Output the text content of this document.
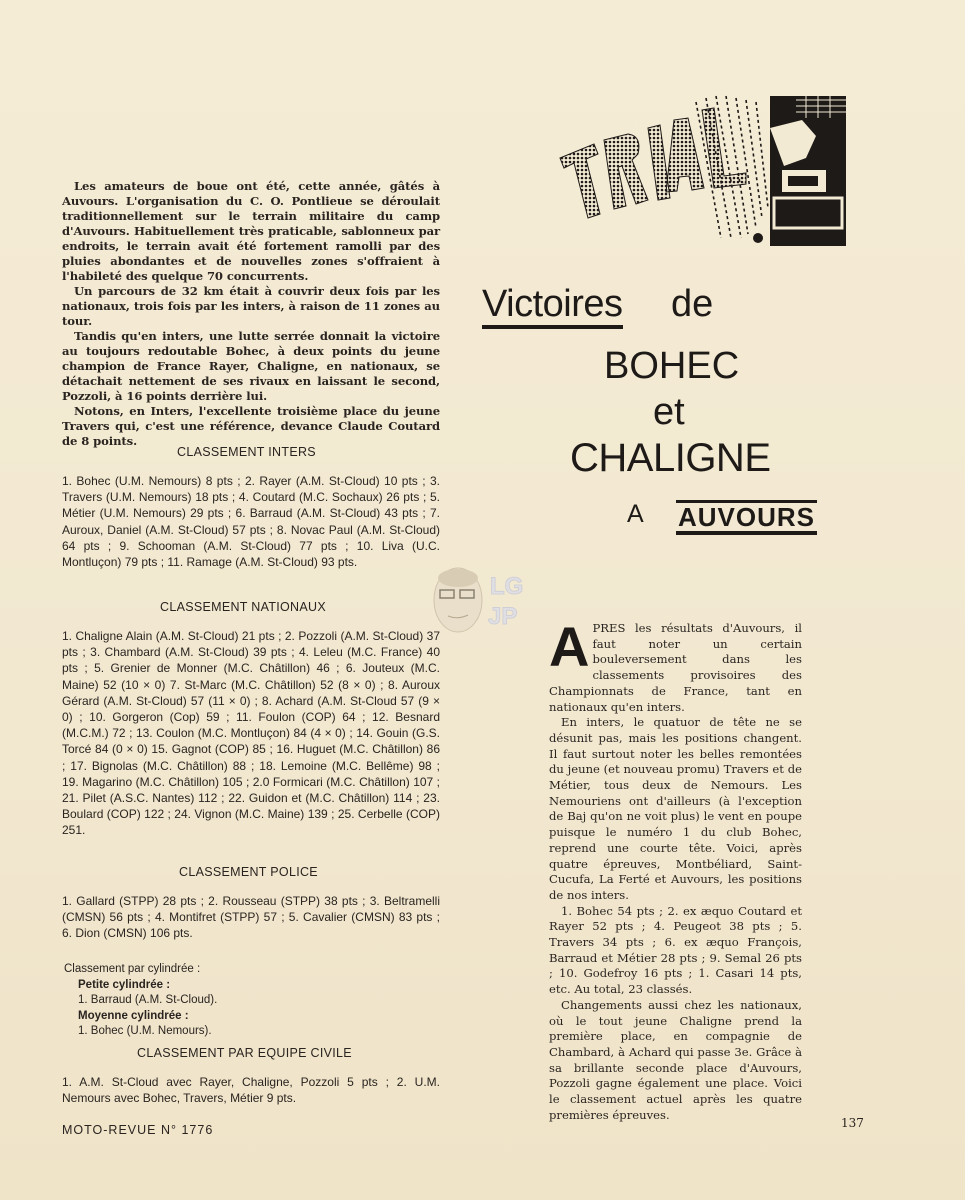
Les amateurs de boue ont été, cette année, gâtés à Auvours. L'organisation du C. O. Pontlieue se déroulait traditionnellement sur le terrain militaire du camp d'Auvours. Habituellement très praticable, sablonneux par endroits, le terrain avait été fortement ramolli par des pluies abondantes et de nouvelles zones s'offraient à l'habileté des quelque 70 concurrents.

Un parcours de 32 km était à couvrir deux fois par les nationaux, trois fois par les inters, à raison de 11 zones au tour.

Tandis qu'en inters, une lutte serrée donnait la victoire au toujours redoutable Bohec, à deux points du jeune champion de France Rayer, Chaligne, en nationaux, se détachait nettement de ses rivaux en laissant le second, Pozzoli, à 16 points derrière lui.

Notons, en Inters, l'excellente troisième place du jeune Travers qui, c'est une référence, devance Claude Coutard de 8 points.

CLASSEMENT INTERS
1. Bohec (U.M. Nemours) 8 pts ; 2. Rayer (A.M. St-Cloud) 10 pts ; 3. Travers (U.M. Nemours) 18 pts ; 4. Coutard (M.C. Sochaux) 26 pts ; 5. Métier (U.M. Nemours) 29 pts ; 6. Barraud (A.M. St-Cloud) 43 pts ; 7. Auroux, Daniel (A.M. St-Cloud) 57 pts ; 8. Novac Paul (A.M. St-Cloud) 64 pts ; 9. Schooman (A.M. St-Cloud) 77 pts ; 10. Liva (U.C. Montluçon) 79 pts ; 11. Ramage (A.M. St-Cloud) 93 pts.
CLASSEMENT NATIONAUX
1. Chaligne Alain (A.M. St-Cloud) 21 pts ; 2. Pozzoli (A.M. St-Cloud) 37 pts ; 3. Chambard (A.M. St-Cloud) 39 pts ; 4. Leleu (M.C. France) 40 pts ; 5. Grenier de Monner (M.C. Châtillon) 46 ; 6. Jouteux (M.C. Maine) 52 (10 × 0) 7. St-Marc (M.C. Châtillon) 52 (8 × 0) ; 8. Auroux Gérard (A.M. St-Cloud) 57 (11 × 0) ; 8. Achard (A.M. St-Cloud 57 (9 × 0) ; 10. Gorgeron (Cop) 59 ; 11. Foulon (COP) 64 ; 12. Besnard (M.C.M.) 72 ; 13. Coulon (M.C. Montluçon) 84 (4 × 0) ; 14. Gouin (G.S. Torcé 84 (0 × 0) 15. Gagnot (COP) 85 ; 16. Huguet (M.C. Châtillon) 86 ; 17. Bignolas (M.C. Châtillon) 88 ; 18. Lemoine (M.C. Bellême) 98 ; 19. Magarino (M.C. Châtillon) 105 ; 2.0 Formicari (M.C. Châtillon) 107 ; 21. Pilet (A.S.C. Nantes) 112 ; 22. Guidon et (M.C. Châtillon) 114 ; 23. Boulard (COP) 122 ; 24. Vignon (M.C. Maine) 139 ; 25. Cerbelle (COP) 251.
CLASSEMENT POLICE
1. Gallard (STPP) 28 pts ; 2. Rousseau (STPP) 38 pts ; 3. Beltramelli (CMSN) 56 pts ; 4. Montifret (STPP) 57 ; 5. Cavalier (CMSN) 83 pts ; 6. Dion (CMSN) 106 pts.
Classement par cylindrée :
Petite cylindrée :
1. Barraud (A.M. St-Cloud).
Moyenne cylindrée :
1. Bohec (U.M. Nemours).
CLASSEMENT PAR EQUIPE CIVILE
1. A.M. St-Cloud avec Rayer, Chaligne, Pozzoli 5 pts ; 2. U.M. Nemours avec Bohec, Travers, Métier 9 pts.
Victoires de
BOHEC
et
CHALIGNE
A AUVOURS
LG
JP APRES les résultats d'Auvours, il faut noter un certain bouleversement dans les classements provisoires des Championnats de France, tant en nationaux qu'en inters.

En inters, le quatuor de tête ne se désunit pas, mais les positions changent. Il faut surtout noter les belles remontées du jeune (et nouveau promu) Travers et de Métier, tous deux de Nemours. Les Nemouriens ont d'ailleurs (à l'exception de Baj qu'on ne voit plus) le vent en poupe puisque le numéro 1 du club Bohec, reprend une courte tête. Voici, après quatre épreuves, Montbéliard, Saint-Cucufa, La Ferté et Auvours, les positions de nos inters.

1. Bohec 54 pts ; 2. ex æquo Coutard et Rayer 52 pts ; 4. Peugeot 38 pts ; 5. Travers 34 pts ; 6. ex æquo François, Barraud et Métier 28 pts ; 9. Semal 26 pts ; 10. Godefroy 16 pts ; 1. Casari 14 pts, etc. Au total, 23 classés.

Changements aussi chez les nationaux, où le tout jeune Chaligne prend la première place, en compagnie de Chambard, à Achard qui passe 3e. Grâce à sa brillante seconde place d'Auvours, Pozzoli gagne également une place. Voici le classement actuel après les quatre premières épreuves.

MOTO-REVUE N° 1776	137
